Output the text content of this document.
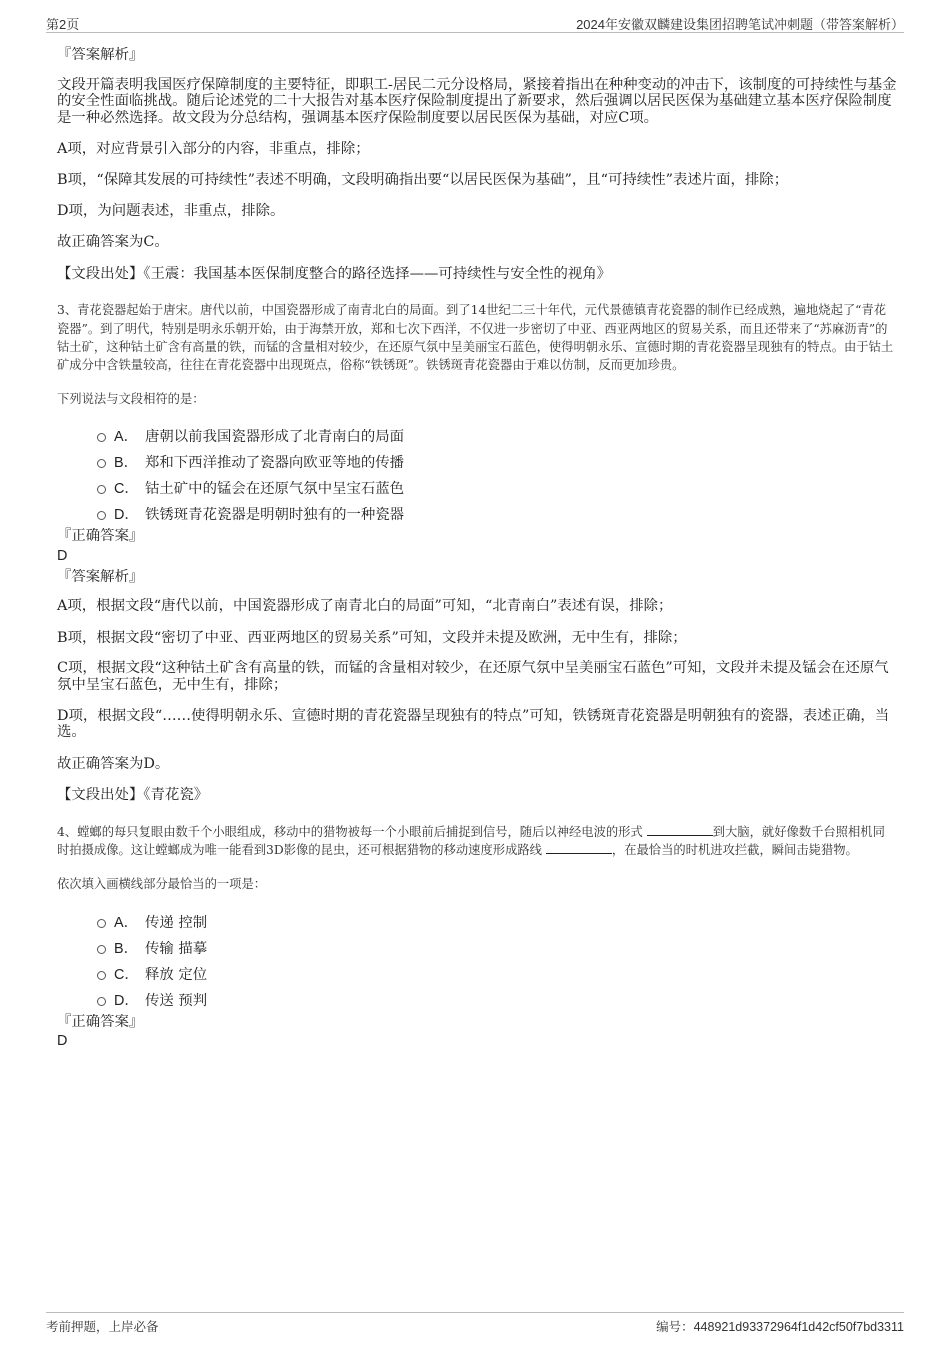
第2页	2024年安徽双麟建设集团招聘笔试冲刺题（带答案解析）

『答案解析』

文段开篇表明我国医疗保障制度的主要特征，即职工-居民二元分设格局，紧接着指出在种种变动的冲击下，该制度的可持续性与基金的安全性面临挑战。随后论述党的二十大报告对基本医疗保险制度提出了新要求，然后强调以居民医保为基础建立基本医疗保险制度是一种必然选择。故文段为分总结构，强调基本医疗保险制度要以居民医保为基础，对应C项。

A项，对应背景引入部分的内容，非重点，排除；

B项，“保障其发展的可持续性”表述不明确，文段明确指出要“以居民医保为基础”，且“可持续性”表述片面，排除；

D项，为问题表述，非重点，排除。

故正确答案为C。

【文段出处】《王震：我国基本医保制度整合的路径选择——可持续性与安全性的视角》

3、青花瓷器起始于唐宋。唐代以前，中国瓷器形成了南青北白的局面。到了14世纪二三十年代，元代景德镇青花瓷器的制作已经成熟，遍地烧起了“青花瓷器”。到了明代，特别是明永乐朝开始，由于海禁开放，郑和七次下西洋，不仅进一步密切了中亚、西亚两地区的贸易关系，而且还带来了“苏麻沥青”的钴土矿，这种钴土矿含有高量的铁，而锰的含量相对较少，在还原气氛中呈美丽宝石蓝色，使得明朝永乐、宣德时期的青花瓷器呈现独有的特点。由于钴土矿成分中含铁量较高，往往在青花瓷器中出现斑点，俗称“铁锈斑”。铁锈斑青花瓷器由于难以仿制，反而更加珍贵。

下列说法与文段相符的是：

A． 唐朝以前我国瓷器形成了北青南白的局面
B． 郑和下西洋推动了瓷器向欧亚等地的传播
C． 钴土矿中的锰会在还原气氛中呈宝石蓝色
D． 铁锈斑青花瓷器是明朝时独有的一种瓷器

『正确答案』

D

『答案解析』

A项，根据文段“唐代以前，中国瓷器形成了南青北白的局面”可知，“北青南白”表述有误，排除；

B项，根据文段“密切了中亚、西亚两地区的贸易关系”可知，文段并未提及欧洲，无中生有，排除；

C项，根据文段“这种钴土矿含有高量的铁，而锰的含量相对较少，在还原气氛中呈美丽宝石蓝色”可知，文段并未提及锰会在还原气氛中呈宝石蓝色，无中生有，排除；

D项，根据文段“……使得明朝永乐、宣德时期的青花瓷器呈现独有的特点”可知，铁锈斑青花瓷器是明朝独有的瓷器，表述正确，当选。

故正确答案为D。

【文段出处】《青花瓷》

4、螳螂的每只复眼由数千个小眼组成，移动中的猎物被每一个小眼前后捕捉到信号，随后以神经电波的形式	到大脑，就好像数千台照相机同时拍摄成像。这让螳螂成为唯一能看到3D影像的昆虫，还可根据猎物的移动速度形成路线	，在最恰当的时机进攻拦截，瞬间击毙猎物。

依次填入画横线部分最恰当的一项是：

A． 传递 控制
B． 传输 描摹
C． 释放 定位
D． 传送 预判

『正确答案』

D

考前押题，上岸必备	编号：448921d93372964f1d42cf50f7bd3311
